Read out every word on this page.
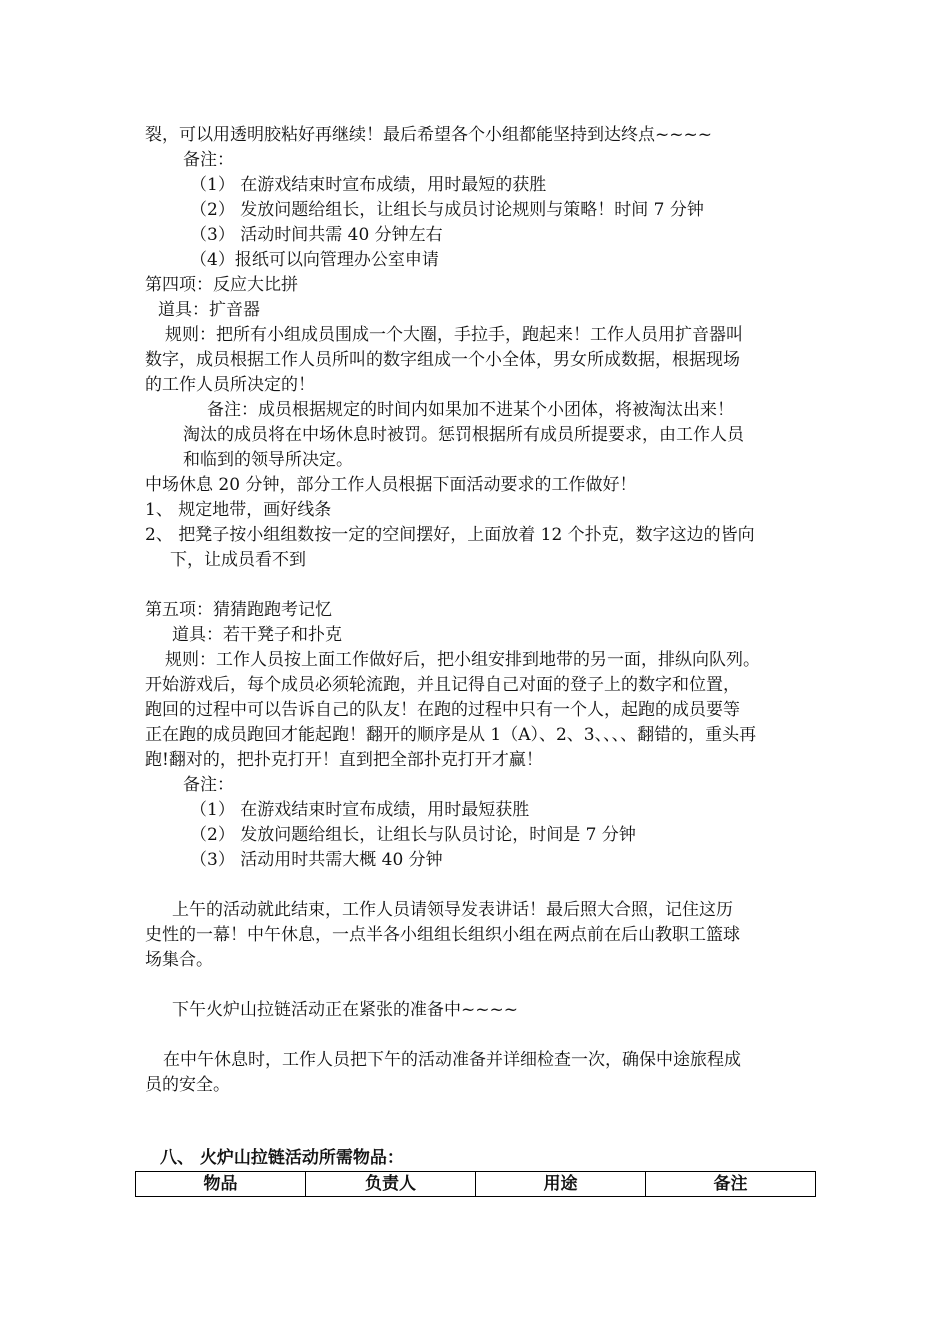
裂，可以用透明胶粘好再继续！最后希望各个小组都能坚持到达终点~~~~
备注：
（1） 在游戏结束时宣布成绩，用时最短的获胜
（2） 发放问题给组长，让组长与成员讨论规则与策略！时间 7 分钟
（3） 活动时间共需 40 分钟左右
（4）报纸可以向管理办公室申请
第四项：反应大比拼
道具：扩音器
规则：把所有小组成员围成一个大圈，手拉手，跑起来！工作人员用扩音器叫
数字，成员根据工作人员所叫的数字组成一个小全体，男女所成数据，根据现场
的工作人员所决定的！
备注：成员根据规定的时间内如果加不进某个小团体，将被淘汰出来！
淘汰的成员将在中场休息时被罚。惩罚根据所有成员所提要求，由工作人员
和临到的领导所决定。
中场休息 20 分钟，部分工作人员根据下面活动要求的工作做好！
1、 规定地带，画好线条
2、 把凳子按小组组数按一定的空间摆好，上面放着 12 个扑克，数字这边的皆向
下，让成员看不到
第五项：猜猜跑跑考记忆
道具：若干凳子和扑克
规则：工作人员按上面工作做好后，把小组安排到地带的另一面，排纵向队列。
开始游戏后，每个成员必须轮流跑，并且记得自己对面的登子上的数字和位置，
跑回的过程中可以告诉自己的队友！在跑的过程中只有一个人，起跑的成员要等
正在跑的成员跑回才能起跑！翻开的顺序是从 1（A）、2、3、、、、翻错的，重头再
跑!翻对的，把扑克打开！直到把全部扑克打开才赢！
备注：
（1） 在游戏结束时宣布成绩，用时最短获胜
（2） 发放问题给组长，让组长与队员讨论，时间是 7 分钟
（3） 活动用时共需大概 40 分钟
上午的活动就此结束，工作人员请领导发表讲话！最后照大合照，记住这历
史性的一幕！中午休息，一点半各小组组长组织小组在两点前在后山教职工篮球
场集合。
下午火炉山拉链活动正在紧张的准备中~~~~
在中午休息时，工作人员把下午的活动准备并详细检查一次，确保中途旅程成
员的安全。
八、 火炉山拉链活动所需物品：
物品	负责人	用途	备注
